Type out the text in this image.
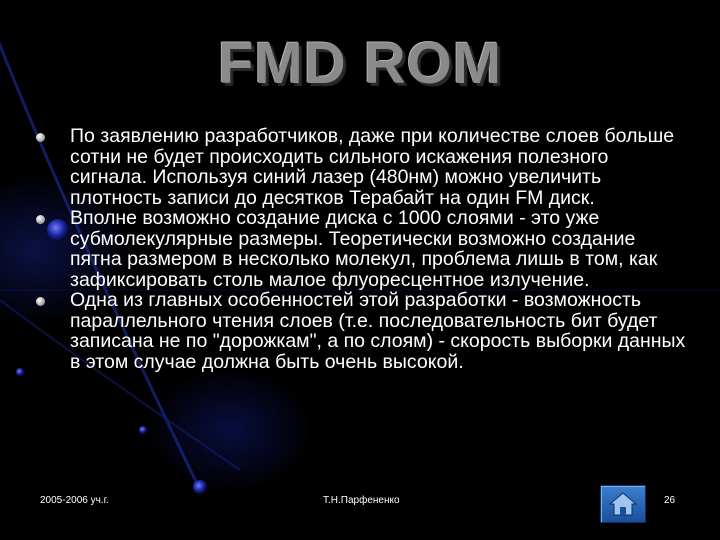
FMD ROM
По заявлению разработчиков, даже при количестве слоев больше сотни не будет происходить сильного искажения полезного сигнала. Используя синий лазер (480нм) можно увеличить плотность записи до десятков Терабайт на один FM диск.
Вполне возможно создание диска с 1000 слоями - это уже субмолекулярные размеры. Теоретически возможно создание пятна размером в несколько молекул, проблема лишь в том, как зафиксировать столь малое флуоресцентное излучение.
Одна из главных особенностей этой разработки - возможность параллельного чтения слоев (т.е. последовательность бит будет записана не по "дорожкам", а по слоям) - скорость выборки данных в этом случае должна быть очень высокой.
2005-2006 уч.г.	Т.Н.Парфененко	26
